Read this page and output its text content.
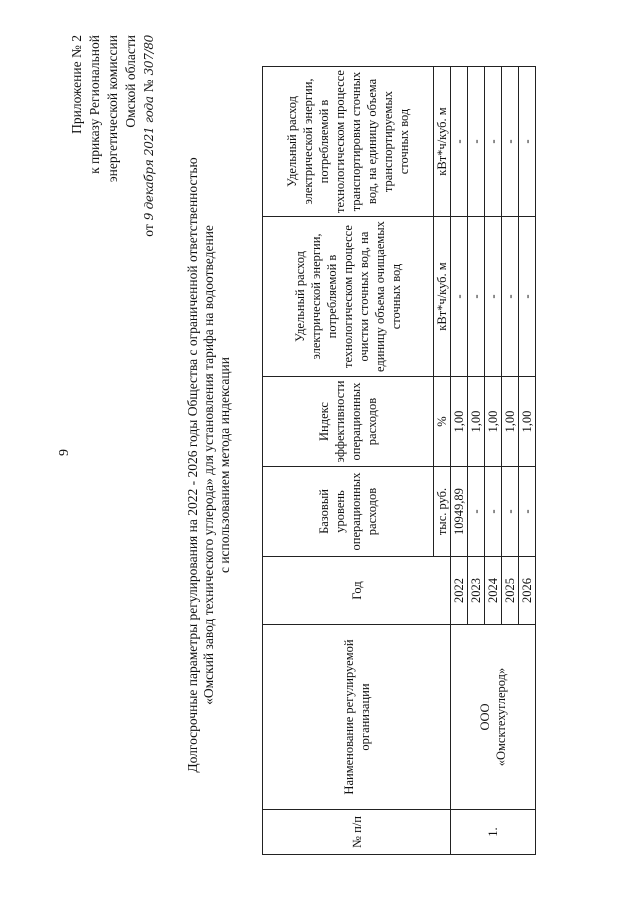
9
Приложение № 2 к приказу Региональной энергетической комиссии Омской области
от
9 декабря 2021 года
№
307/80
Долгосрочные параметры регулирования на 2022 - 2026 годы Общества с ограниченной ответственностью «Омский завод технического углерода» для установления тарифа на водоотведение с использованием метода индексации
№ п/п	Наименование регулируемой организации	Год	Базовый уровень операционных расходов	Индекс эффективности операционных расходов	Удельный расход электрической энергии, потребляемой в технологическом процессе очистки сточных вод, на единицу объема очищаемых сточных вод	Удельный расход электрической энергии, потребляемой в технологическом процессе транспортировки сточных вод, на единицу объема транспортируемых сточных вод
			тыс. руб.	%	кВт*ч/куб. м	кВт*ч/куб. м
1.	ООО «Омсктехуглерод»	2022	10949,89	1,00	-	-
		2023	-	1,00	-	-
		2024	-	1,00	-	-
		2025	-	1,00	-	-
		2026	-	1,00	-	-
